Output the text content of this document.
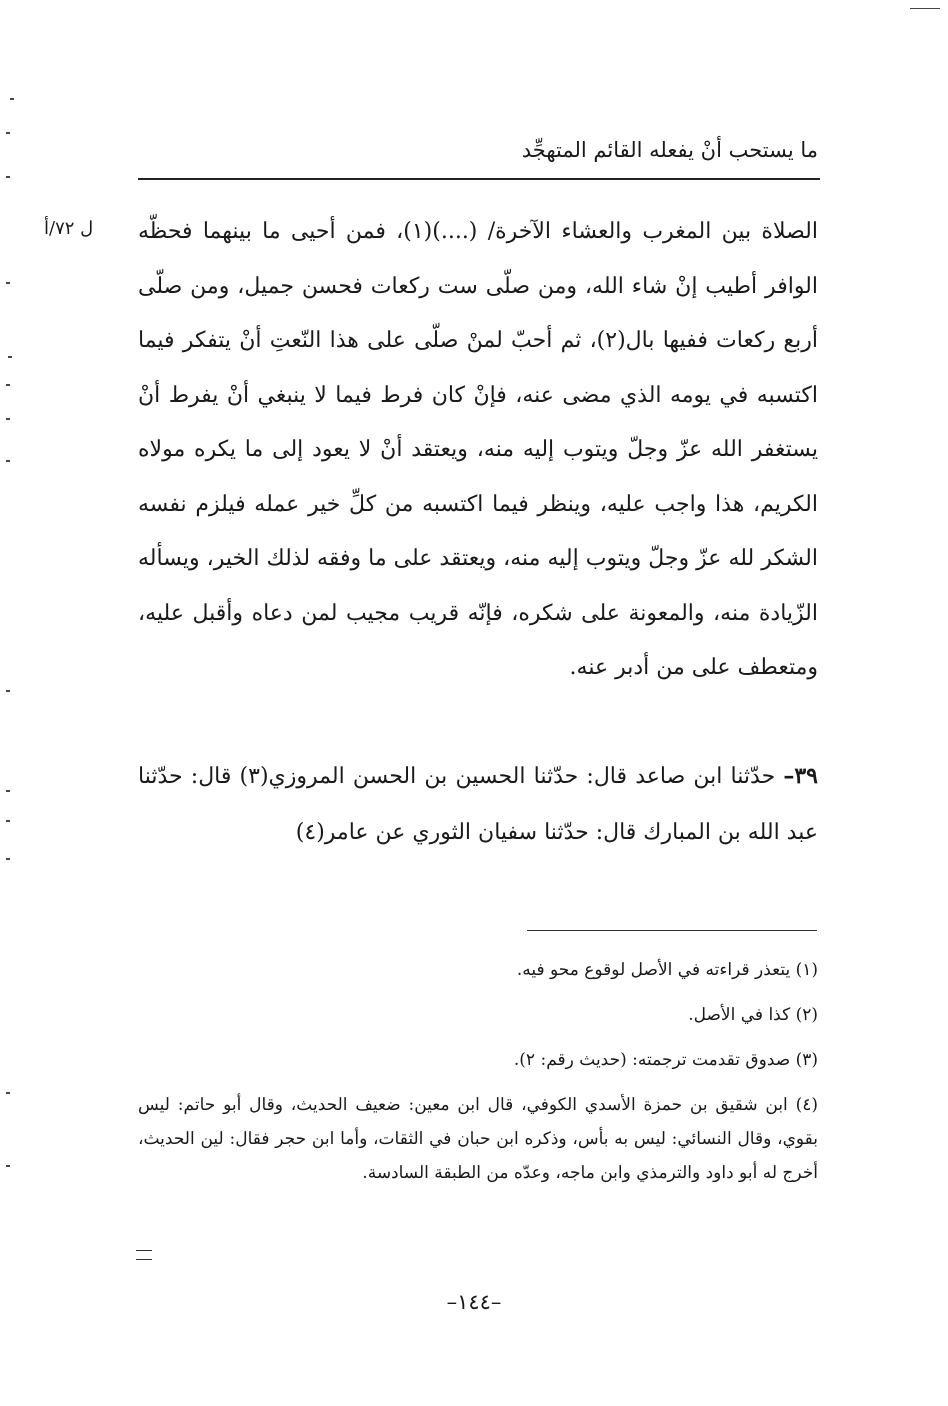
ما يستحب أنْ يفعله القائم المتهجِّد
ل ٧٢/أ الصلاة بين المغرب والعشاء الآخرة/ (....)(١)، فمن أحيى ما بينهما فحظّه الوافر أطيب إنْ شاء الله، ومن صلّى ست ركعات فحسن جميل، ومن صلّى أربع ركعات ففيها بال(٢)، ثم أحبّ لمنْ صلّى على هذا النّعتِ أنْ يتفكر فيما اكتسبه في يومه الذي مضى عنه، فإنْ كان فرط فيما لا ينبغي أنْ يفرط أنْ يستغفر الله عزّ وجلّ ويتوب إليه منه، ويعتقد أنْ لا يعود إلى ما يكره مولاه الكريم، هذا واجب عليه، وينظر فيما اكتسبه من كلِّ خير عمله فيلزم نفسه الشكر لله عزّ وجلّ ويتوب إليه منه، ويعتقد على ما وفقه لذلك الخير، ويسأله الزّيادة منه، والمعونة على شكره، فإنّه قريب مجيب لمن دعاه وأقبل عليه، ومتعطف على من أدبر عنه.

٣٩– حدّثنا ابن صاعد قال: حدّثنا الحسين بن الحسن المروزي(٣) قال: حدّثنا عبد الله بن المبارك قال: حدّثنا سفيان الثوري عن عامر(٤)

(١) يتعذر قراءته في الأصل لوقوع محو فيه.

(٢) كذا في الأصل.

(٣) صدوق تقدمت ترجمته: (حديث رقم: ٢).

(٤) ابن شقيق بن حمزة الأسدي الكوفي، قال ابن معين: ضعيف الحديث، وقال أبو حاتم: ليس بقوي، وقال النسائي: ليس به بأس، وذكره ابن حبان في الثقات، وأما ابن حجر فقال: لين الحديث، أخرج له أبو داود والترمذي وابن ماجه، وعدّه من الطبقة السادسة.

–١٤٤–
